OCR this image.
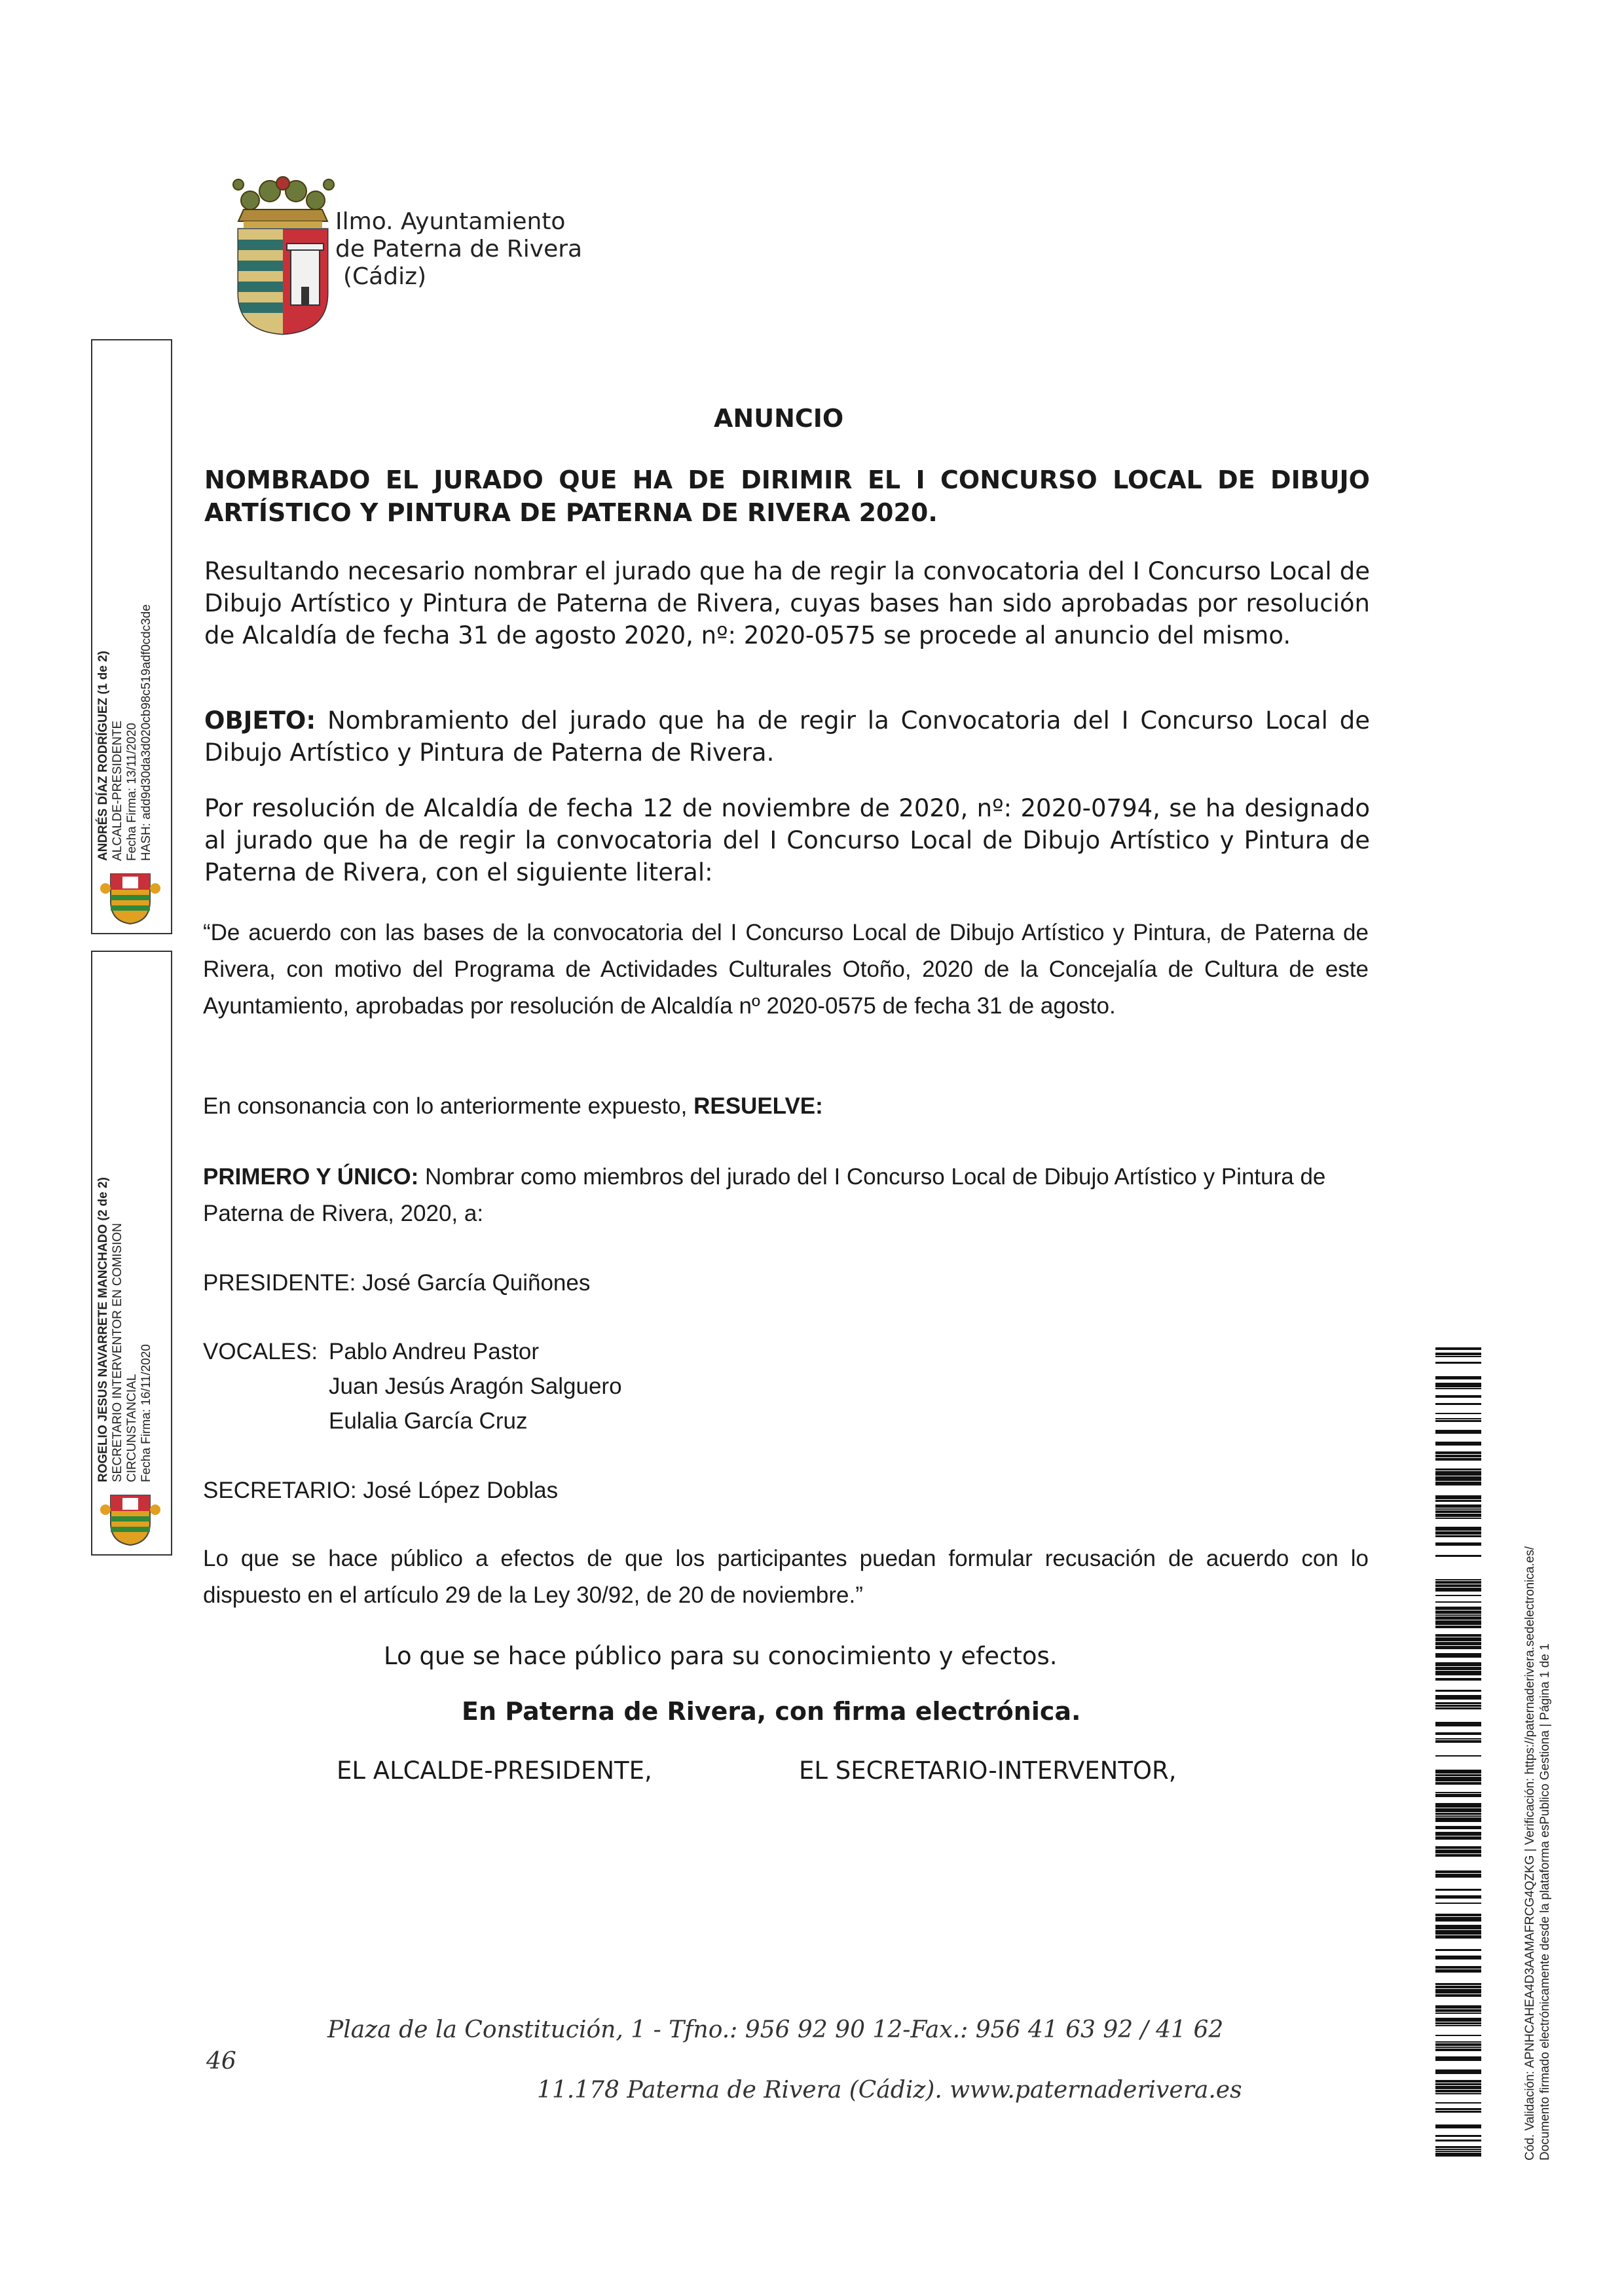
Ilmo. Ayuntamiento
de Paterna de Rivera
(Cádiz)
ANDRÉS DÍAZ RODRÍGUEZ (1 de 2) ALCALDE-PRESIDENTE Fecha Firma: 13/11/2020 HASH: add9d30da3d020cb98c519adf0cdc3de
ROGELIO JESUS NAVARRETE MANCHADO (2 de 2) SECRETARIO INTERVENTOR EN COMISION CIRCUNSTANCIAL Fecha Firma: 16/11/2020
ANUNCIO
NOMBRADO EL JURADO QUE HA DE DIRIMIR EL I CONCURSO LOCAL DE DIBUJO ARTÍSTICO Y PINTURA DE PATERNA DE RIVERA 2020.
Resultando necesario nombrar el jurado que ha de regir la convocatoria del I Concurso Local de Dibujo Artístico y Pintura de Paterna de Rivera, cuyas bases han sido aprobadas por resolución de Alcaldía de fecha 31 de agosto 2020, nº: 2020-0575 se procede al anuncio del mismo.
OBJETO: Nombramiento del jurado que ha de regir la Convocatoria del I Concurso Local de Dibujo Artístico y Pintura de Paterna de Rivera.
Por resolución de Alcaldía de fecha 12 de noviembre de 2020, nº: 2020-0794, se ha designado al jurado que ha de regir la convocatoria del I Concurso Local de Dibujo Artístico y Pintura de Paterna de Rivera, con el siguiente literal:
“De acuerdo con las bases de la convocatoria del I Concurso Local de Dibujo Artístico y Pintura, de Paterna de Rivera, con motivo del Programa de Actividades Culturales Otoño, 2020 de la Concejalía de Cultura de este Ayuntamiento, aprobadas por resolución de Alcaldía nº 2020-0575 de fecha 31 de agosto.
En consonancia con lo anteriormente expuesto, RESUELVE:
PRIMERO Y ÚNICO: Nombrar como miembros del jurado del I Concurso Local de Dibujo Artístico y Pintura de Paterna de Rivera, 2020, a:
PRESIDENTE: José García Quiñones
VOCALES: Pablo Andreu Pastor
Juan Jesús Aragón Salguero
Eulalia García Cruz
SECRETARIO: José López Doblas
Lo que se hace público a efectos de que los participantes puedan formular recusación de acuerdo con lo dispuesto en el artículo 29 de la Ley 30/92, de 20 de noviembre.”
Lo que se hace público para su conocimiento y efectos.
En Paterna de Rivera, con firma electrónica.
EL ALCALDE-PRESIDENTE,	EL SECRETARIO-INTERVENTOR,
Plaza de la Constitución, 1 - Tfno.: 956 92 90 12-Fax.: 956 41 63 92 / 41 62
46
11.178 Paterna de Rivera (Cádiz). www.paternaderivera.es	Cód. Validación: APNHCAHEA4D3AAMAFRCG4QZKG | Verificación: https://paternaderivera.sedelectronica.es/ Documento firmado electrónicamente desde la plataforma esPublico Gestiona | Página 1 de 1
